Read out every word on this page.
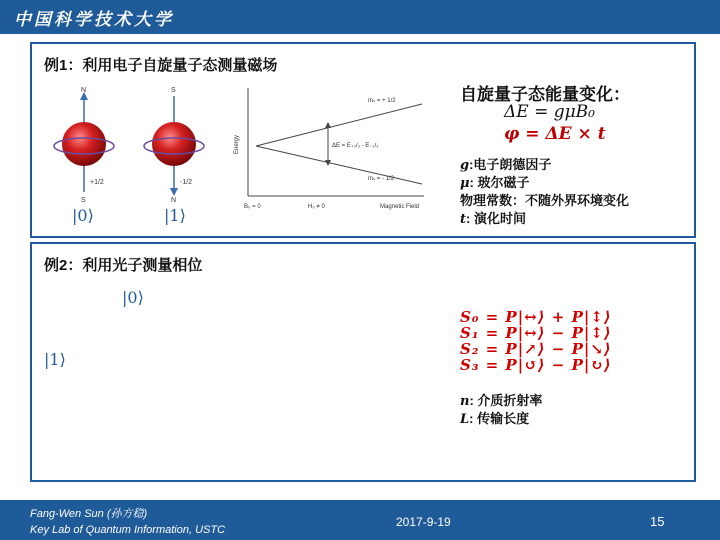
中国科学技术大学
例1：利用电子自旋量子态测量磁场
N
S
+1/2
S
N
-1/2
|0⟩	|1⟩
Energy
Magnetic Field
B₀ = 0	H₀ ≠ 0
mₛ = + 1/2
mₛ = - 1/2
ΔE = E₊₁/₂ - E₋₁/₂
自旋量子态能量变化：
ΔE = gμB₀
φ = ΔE × t
g:电子朗德因子
μ: 玻尔磁子
物理常数：不随外界环境变化
t: 演化时间
例2：利用光子测量相位
|0⟩
|1⟩
S₀ = P|↔⟩ + P|↕⟩
S₁ = P|↔⟩ − P|↕⟩
S₂ = P|↗⟩ − P|↘⟩
S₃ = P|↺⟩ − P|↻⟩
n: 介质折射率
L: 传输长度
Fang-Wen Sun (孙方稳)
Key Lab of Quantum Information, USTC
2017-9-19	15
